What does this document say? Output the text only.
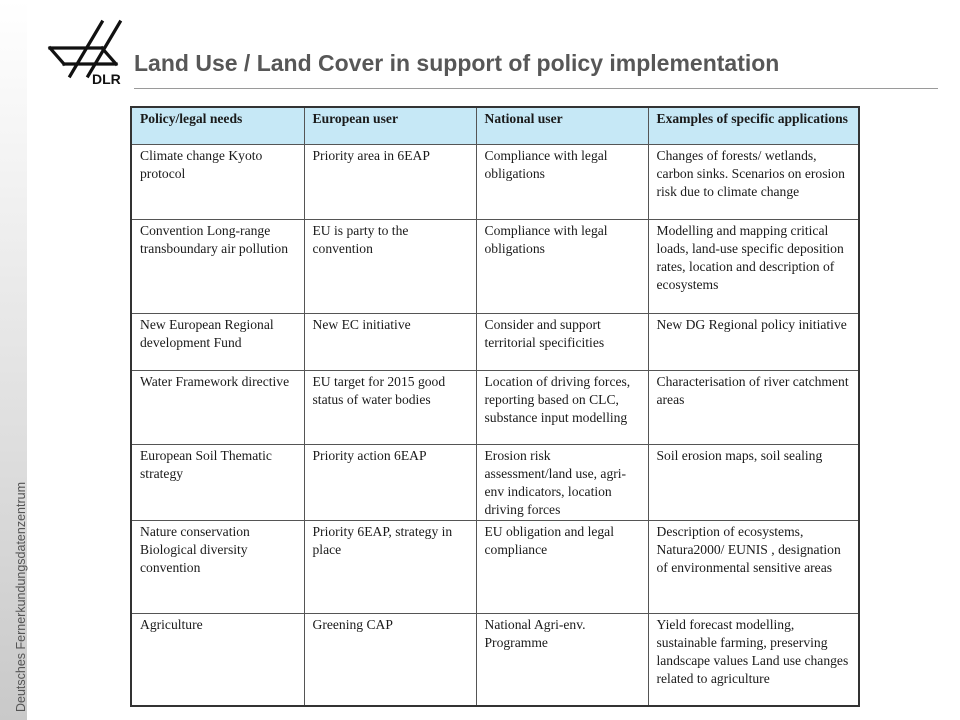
Deutsches Fernerkundungsdatenzentrum
DLR
Land Use / Land Cover in support of policy implementation
Policy/legal needs	European user	National user	Examples of specific applications
Climate change Kyoto protocol	Priority area in 6EAP	Compliance with legal obligations	Changes of forests/ wetlands, carbon sinks. Scenarios on erosion risk due to climate change
Convention Long-range transboundary air pollution	EU is party to the convention	Compliance with legal obligations	Modelling and mapping critical loads, land-use specific deposition rates, location and description of ecosystems
New European Regional development Fund	New EC initiative	Consider and support territorial specificities	New DG Regional policy initiative
Water Framework directive	EU target for 2015 good status of water bodies	Location of driving forces, reporting based on CLC, substance input modelling	Characterisation of river catchment areas
European Soil Thematic strategy	Priority action 6EAP	Erosion risk assessment/land use, agri-env indicators, location driving forces	Soil erosion maps, soil sealing
Nature conservation Biological diversity convention	Priority 6EAP, strategy in place	EU obligation and legal compliance	Description of ecosystems, Natura2000/ EUNIS , designation of environmental sensitive areas
Agriculture	Greening CAP	National Agri-env. Programme	Yield forecast modelling, sustainable farming, preserving landscape values Land use changes related to agriculture
